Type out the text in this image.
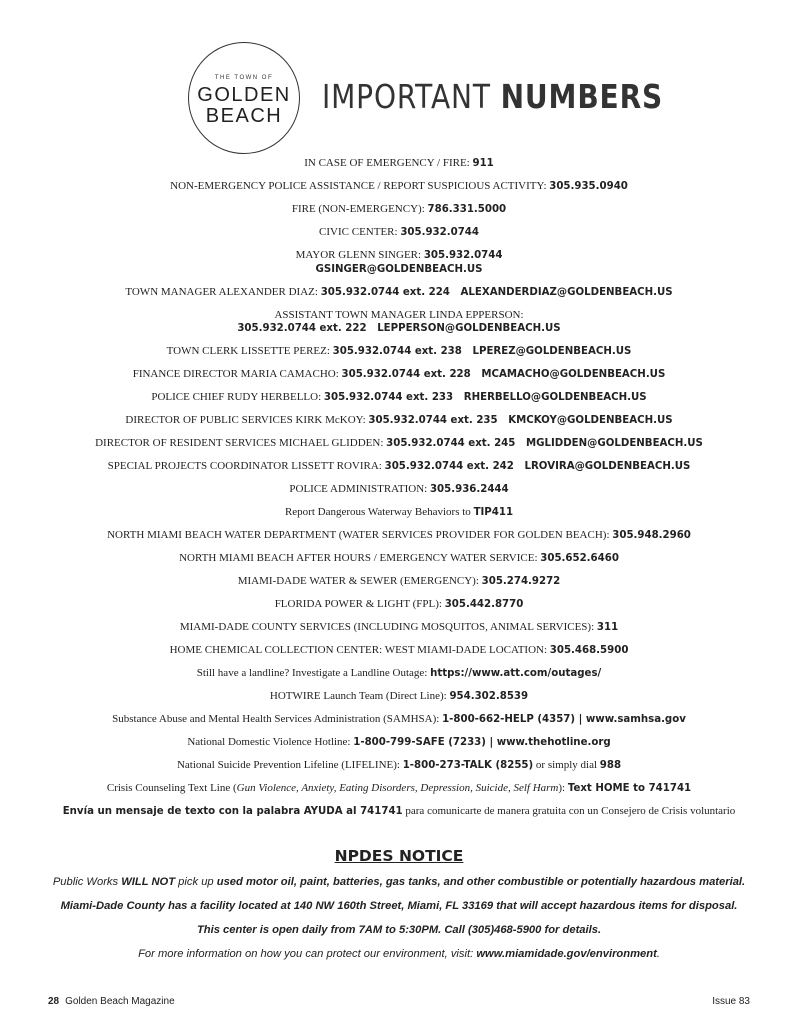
THE TOWN OF
GOLDEN
BEACH	IMPORTANT NUMBERS
IN CASE OF EMERGENCY / FIRE: 911
NON-EMERGENCY POLICE ASSISTANCE / REPORT SUSPICIOUS ACTIVITY: 305.935.0940
FIRE (NON-EMERGENCY): 786.331.5000
CIVIC CENTER: 305.932.0744
MAYOR GLENN SINGER: 305.932.0744
GSINGER@GOLDENBEACH.US
TOWN MANAGER ALEXANDER DIAZ: 305.932.0744 ext. 224   ALEXANDERDIAZ@GOLDENBEACH.US
ASSISTANT TOWN MANAGER LINDA EPPERSON:
305.932.0744 ext. 222   LEPPERSON@GOLDENBEACH.US
TOWN CLERK LISSETTE PEREZ: 305.932.0744 ext. 238   LPEREZ@GOLDENBEACH.US
FINANCE DIRECTOR MARIA CAMACHO: 305.932.0744 ext. 228   MCAMACHO@GOLDENBEACH.US
POLICE CHIEF RUDY HERBELLO: 305.932.0744 ext. 233   RHERBELLO@GOLDENBEACH.US
DIRECTOR OF PUBLIC SERVICES KIRK McKOY: 305.932.0744 ext. 235   KMCKOY@GOLDENBEACH.US
DIRECTOR OF RESIDENT SERVICES MICHAEL GLIDDEN: 305.932.0744 ext. 245   MGLIDDEN@GOLDENBEACH.US
SPECIAL PROJECTS COORDINATOR LISSETT ROVIRA: 305.932.0744 ext. 242   LROVIRA@GOLDENBEACH.US
POLICE ADMINISTRATION: 305.936.2444
Report Dangerous Waterway Behaviors to TIP411
NORTH MIAMI BEACH WATER DEPARTMENT (WATER SERVICES PROVIDER FOR GOLDEN BEACH): 305.948.2960
NORTH MIAMI BEACH AFTER HOURS / EMERGENCY WATER SERVICE: 305.652.6460
MIAMI-DADE WATER & SEWER (EMERGENCY): 305.274.9272
FLORIDA POWER & LIGHT (FPL): 305.442.8770
MIAMI-DADE COUNTY SERVICES (INCLUDING MOSQUITOS, ANIMAL SERVICES): 311
HOME CHEMICAL COLLECTION CENTER: WEST MIAMI-DADE LOCATION: 305.468.5900
Still have a landline? Investigate a Landline Outage: https://www.att.com/outages/
HOTWIRE Launch Team (Direct Line): 954.302.8539
Substance Abuse and Mental Health Services Administration (SAMHSA): 1-800-662-HELP (4357) | www.samhsa.gov
National Domestic Violence Hotline: 1-800-799-SAFE (7233) | www.thehotline.org
National Suicide Prevention Lifeline (LIFELINE): 1-800-273-TALK (8255) or simply dial 988
Crisis Counseling Text Line (Gun Violence, Anxiety, Eating Disorders, Depression, Suicide, Self Harm): Text HOME to 741741
Envía un mensaje de texto con la palabra AYUDA al 741741 para comunicarte de manera gratuita con un Consejero de Crisis voluntario
NPDES NOTICE
Public Works WILL NOT pick up used motor oil, paint, batteries, gas tanks, and other combustible or potentially hazardous material.
Miami-Dade County has a facility located at 140 NW 160th Street, Miami, FL 33169 that will accept hazardous items for disposal.
This center is open daily from 7AM to 5:30PM. Call (305)468-5900 for details.
For more information on how you can protect our environment, visit: www.miamidade.gov/environment.
28 Golden Beach Magazine	Issue 83
